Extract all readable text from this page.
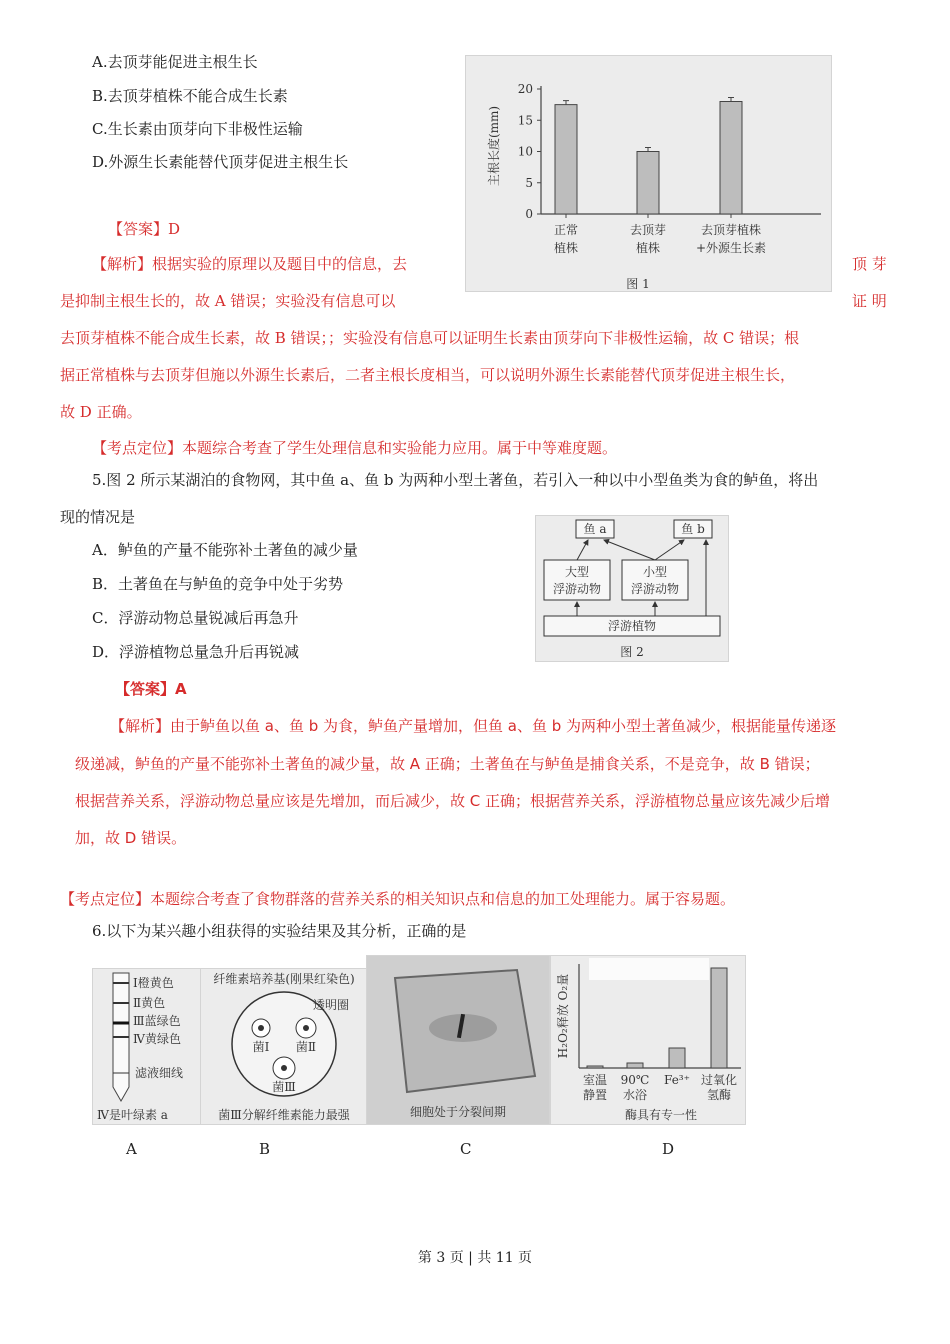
A.去顶芽能促进主根生长
B.去顶芽植株不能合成生长素
C.生长素由顶芽向下非极性运输
D.外源生长素能替代顶芽促进主根生长	主根长度(mm)
0
5
10
15
20
正常
植株
去顶芽
植株
去顶芽植株
+外源生长素
图 1
【答案】D
【解析】根据实验的原理以及题目中的信息，去	顶 芽
是抑制主根生长的，故 A 错误；实验没有信息可以	证 明
去顶芽植株不能合成生长素，故 B 错误；；实验没有信息可以证明生长素由顶芽向下非极性运输，故 C 错误；根
据正常植株与去顶芽但施以外源生长素后，二者主根长度相当，可以说明外源生长素能替代顶芽促进主根生长，
故 D 正确。
【考点定位】本题综合考查了学生处理信息和实验能力应用。属于中等难度题。
5.图 2 所示某湖泊的食物网，其中鱼 a、鱼 b 为两种小型土著鱼，若引入一种以中小型鱼类为食的鲈鱼，将出
现的情况是
A．鲈鱼的产量不能弥补土著鱼的减少量
B．土著鱼在与鲈鱼的竞争中处于劣势
C．浮游动物总量锐减后再急升
D．浮游植物总量急升后再锐减
鱼 a	鱼 b
大型
浮游动物
小型
浮游动物
浮游植物
图 2
【答案】A
【解析】由于鲈鱼以鱼 a、鱼 b 为食，鲈鱼产量增加，但鱼 a、鱼 b 为两种小型土著鱼减少，根据能量传递逐
级递减，鲈鱼的产量不能弥补土著鱼的减少量，故 A 正确；土著鱼在与鲈鱼是捕食关系，不是竞争，故 B 错误；
根据营养关系，浮游动物总量应该是先增加，而后减少，故 C 正确；根据营养关系，浮游植物总量应该先减少后增
加，故 D 错误。
【考点定位】本题综合考查了食物群落的营养关系的相关知识点和信息的加工处理能力。属于容易题。
6.以下为某兴趣小组获得的实验结果及其分析，正确的是
Ⅰ橙黄色
Ⅱ黄色
Ⅲ蓝绿色
Ⅳ黄绿色
滤液细线
Ⅳ是叶绿素 a
纤维素培养基(刚果红染色)
透明圈
菌Ⅰ 菌Ⅱ
菌Ⅲ
菌Ⅲ分解纤维素能力最强	细胞处于分裂间期
H₂O₂释放 O₂量
室温
静置
90℃
水浴
Fe³⁺ 过氧化
氢酶
酶具有专一性
A	B	C	D
第 3 页 | 共 11 页
